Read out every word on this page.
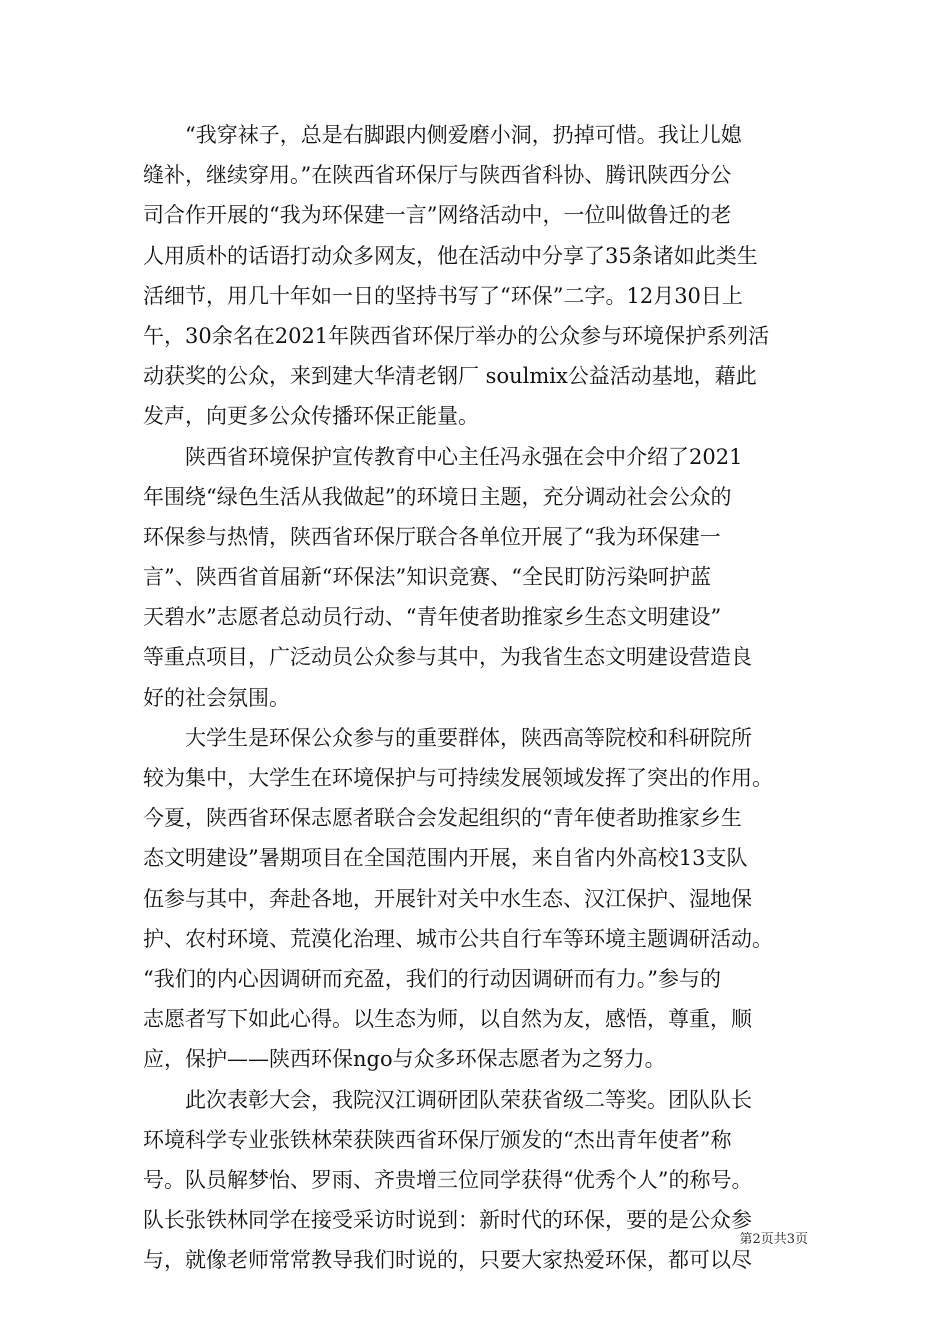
“我穿袜子，总是右脚跟内侧爱磨小洞，扔掉可惜。我让儿媳
缝补，继续穿用。”在陕西省环保厅与陕西省科协、腾讯陕西分公
司合作开展的“我为环保建一言”网络活动中，一位叫做鲁迁的老
人用质朴的话语打动众多网友，他在活动中分享了35条诸如此类生
活细节，用几十年如一日的坚持书写了“环保”二字。12月30日上
午，30余名在2021年陕西省环保厅举办的公众参与环境保护系列活
动获奖的公众，来到建大华清老钢厂 soulmix公益活动基地，藉此
发声，向更多公众传播环保正能量。
陕西省环境保护宣传教育中心主任冯永强在会中介绍了2021
年围绕“绿色生活从我做起”的环境日主题，充分调动社会公众的
环保参与热情，陕西省环保厅联合各单位开展了“我为环保建一
言”、陕西省首届新“环保法”知识竞赛、“全民盯防污染呵护蓝
天碧水”志愿者总动员行动、“青年使者助推家乡生态文明建设”
等重点项目，广泛动员公众参与其中，为我省生态文明建设营造良
好的社会氛围。
大学生是环保公众参与的重要群体，陕西高等院校和科研院所
较为集中，大学生在环境保护与可持续发展领域发挥了突出的作用。
今夏，陕西省环保志愿者联合会发起组织的“青年使者助推家乡生
态文明建设”暑期项目在全国范围内开展，来自省内外高校13支队
伍参与其中，奔赴各地，开展针对关中水生态、汉江保护、湿地保
护、农村环境、荒漠化治理、城市公共自行车等环境主题调研活动。
“我们的内心因调研而充盈，我们的行动因调研而有力。”参与的
志愿者写下如此心得。以生态为师，以自然为友，感悟，尊重，顺
应，保护——陕西环保ngo与众多环保志愿者为之努力。
此次表彰大会，我院汉江调研团队荣获省级二等奖。团队队长
环境科学专业张铁林荣获陕西省环保厅颁发的“杰出青年使者”称
号。队员解梦怡、罗雨、齐贵增三位同学获得“优秀个人”的称号。
队长张铁林同学在接受采访时说到：新时代的环保，要的是公众参
与，就像老师常常教导我们时说的，只要大家热爱环保，都可以尽
第2页共3页
